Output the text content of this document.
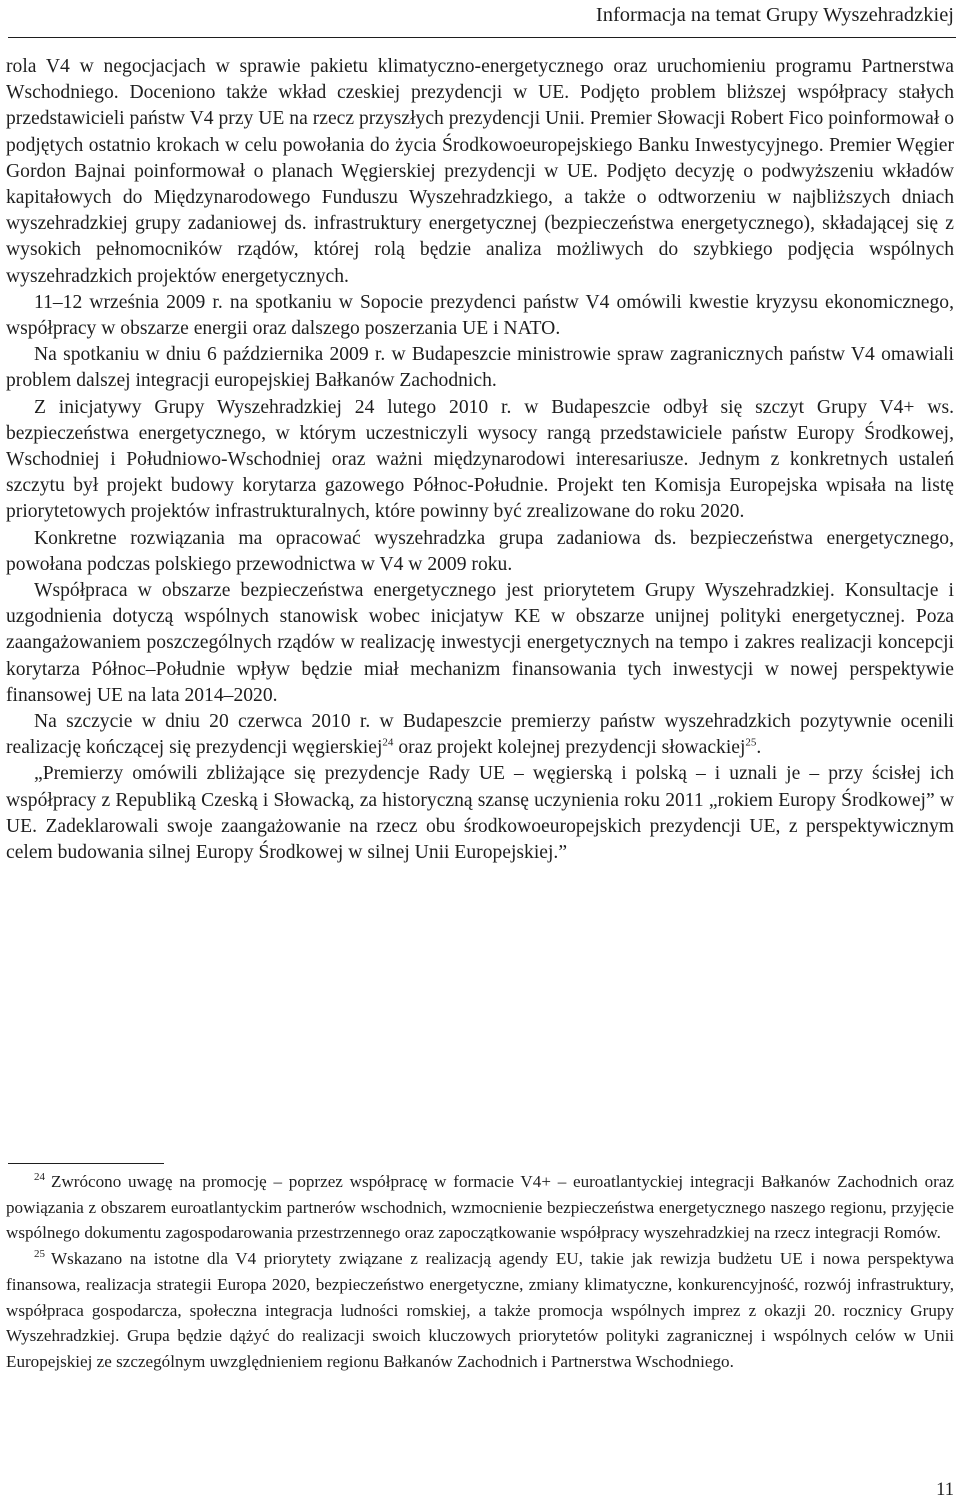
Informacja na temat Grupy Wyszehradzkiej

rola V4 w negocjacjach w sprawie pakietu klimatyczno-energetycznego oraz uruchomieniu programu Partnerstwa Wschodniego. Doceniono także wkład czeskiej prezydencji w UE. Podjęto problem bliższej współpracy stałych przedstawicieli państw V4 przy UE na rzecz przyszłych prezydencji Unii. Premier Słowacji Robert Fico poinformował o podjętych ostatnio krokach w celu powołania do życia Środkowoeuropejskiego Banku Inwestycyjnego. Premier Węgier Gordon Bajnai poinformował o planach Węgierskiej prezydencji w UE. Podjęto decyzję o podwyższeniu wkładów kapitałowych do Międzynarodowego Funduszu Wyszehradzkiego, a także o odtworzeniu w najbliższych dniach wyszehradzkiej grupy zadaniowej ds. infrastruktury energetycznej (bezpieczeństwa energetycznego), składającej się z wysokich pełnomocników rządów, której rolą będzie analiza możliwych do szybkiego podjęcia wspólnych wyszehradzkich projektów energetycznych.

11–12 września 2009 r. na spotkaniu w Sopocie prezydenci państw V4 omówili kwestie kryzysu ekonomicznego, współpracy w obszarze energii oraz dalszego poszerzania UE i NATO.

Na spotkaniu w dniu 6 października 2009 r. w Budapeszcie ministrowie spraw zagranicznych państw V4 omawiali problem dalszej integracji europejskiej Bałkanów Zachodnich.

Z inicjatywy Grupy Wyszehradzkiej 24 lutego 2010 r. w Budapeszcie odbył się szczyt Grupy V4+ ws. bezpieczeństwa energetycznego, w którym uczestniczyli wysocy rangą przedstawiciele państw Europy Środkowej, Wschodniej i Południowo-Wschodniej oraz ważni międzynarodowi interesariusze. Jednym z konkretnych ustaleń szczytu był projekt budowy korytarza gazowego Północ-Południe. Projekt ten Komisja Europejska wpisała na listę priorytetowych projektów infrastrukturalnych, które powinny być zrealizowane do roku 2020.

Konkretne rozwiązania ma opracować wyszehradzka grupa zadaniowa ds. bezpieczeństwa energetycznego, powołana podczas polskiego przewodnictwa w V4 w 2009 roku.

Współpraca w obszarze bezpieczeństwa energetycznego jest priorytetem Grupy Wyszehradzkiej. Konsultacje i uzgodnienia dotyczą wspólnych stanowisk wobec inicjatyw KE w obszarze unijnej polityki energetycznej. Poza zaangażowaniem poszczególnych rządów w realizację inwestycji energetycznych na tempo i zakres realizacji koncepcji korytarza Północ–Południe wpływ będzie miał mechanizm finansowania tych inwestycji w nowej perspektywie finansowej UE na lata 2014–2020.

Na szczycie w dniu 20 czerwca 2010 r. w Budapeszcie premierzy państw wyszehradzkich pozytywnie ocenili realizację kończącej się prezydencji węgierskiej$^{24}$ oraz projekt kolejnej prezydencji słowackiej$^{25}$.

„Premierzy omówili zbliżające się prezydencje Rady UE – węgierską i polską – i uznali je – przy ścisłej ich współpracy z Republiką Czeską i Słowacką, za historyczną szansę uczynienia roku 2011 „rokiem Europy Środkowej” w UE. Zadeklarowali swoje zaangażowanie na rzecz obu środkowoeuropejskich prezydencji UE, z perspektywicznym celem budowania silnej Europy Środkowej w silnej Unii Europejskiej.”

$^{24}$ Zwrócono uwagę na promocję – poprzez współpracę w formacie V4+ – euroatlantyckiej integracji Bałkanów Zachodnich oraz powiązania z obszarem euroatlantyckim partnerów wschodnich, wzmocnienie bezpieczeństwa energetycznego naszego regionu, przyjęcie wspólnego dokumentu zagospodarowania przestrzennego oraz zapoczątkowanie współpracy wyszehradzkiej na rzecz integracji Romów.

$^{25}$ Wskazano na istotne dla V4 priorytety związane z realizacją agendy EU, takie jak rewizja budżetu UE i nowa perspektywa finansowa, realizacja strategii Europa 2020, bezpieczeństwo energetyczne, zmiany klimatyczne, konkurencyjność, rozwój infrastruktury, współpraca gospodarcza, społeczna integracja ludności romskiej, a także promocja wspólnych imprez z okazji 20. rocznicy Grupy Wyszehradzkiej. Grupa będzie dążyć do realizacji swoich kluczowych priorytetów polityki zagranicznej i wspólnych celów w Unii Europejskiej ze szczególnym uwzględnieniem regionu Bałkanów Zachodnich i Partnerstwa Wschodniego.

11
